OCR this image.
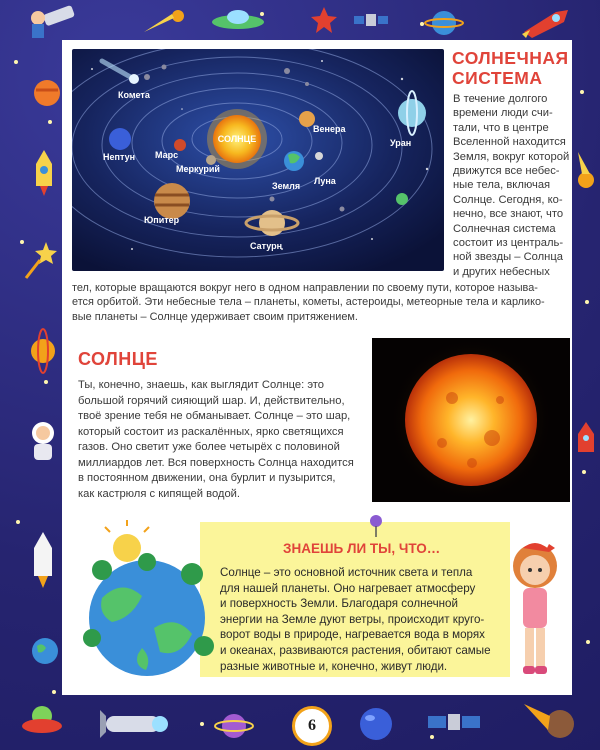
Комета
СОЛНЦЕ
Венера
Уран
Нептун Марс
Меркурий
Земля Луна
Юпитер
Сатурн
СОЛНЕЧНАЯ
СИСТЕМА
В течение долгого
времени люди счи-
тали, что в центре
Вселенной находится
Земля, вокруг которой
движутся все небес-
ные тела, включая
Солнце. Сегодня, ко-
нечно, все знают, что
Солнечная система
состоит из централь-
ной звезды – Солнца
и других небесных
тел, которые вращаются вокруг него в одном направлении по своему пути, которое называ-
ется орбитой. Эти небесные тела – планеты, кометы, астероиды, метеорные тела и карлико-
вые планеты – Солнце удерживает своим притяжением.
СОЛНЦЕ
Ты, конечно, знаешь, как выглядит Солнце: это
большой горячий сияющий шар. И, действительно,
твоё зрение тебя не обманывает. Солнце – это шар,
который состоит из раскалённых, ярко светящихся
газов. Оно светит уже более четырёх с половиной
миллиардов лет. Вся поверхность Солнца находится
в постоянном движении, она бурлит и пузырится,
как кастрюля с кипящей водой.
ЗНАЕШЬ ЛИ ТЫ, ЧТО…
Солнце – это основной источник света и тепла
для нашей планеты. Оно нагревает атмосферу
и поверхность Земли. Благодаря солнечной
энергии на Земле дуют ветры, происходит круго-
ворот воды в природе, нагревается вода в морях
и океанах, развиваются растения, обитают самые
разные животные и, конечно, живут люди.
6
